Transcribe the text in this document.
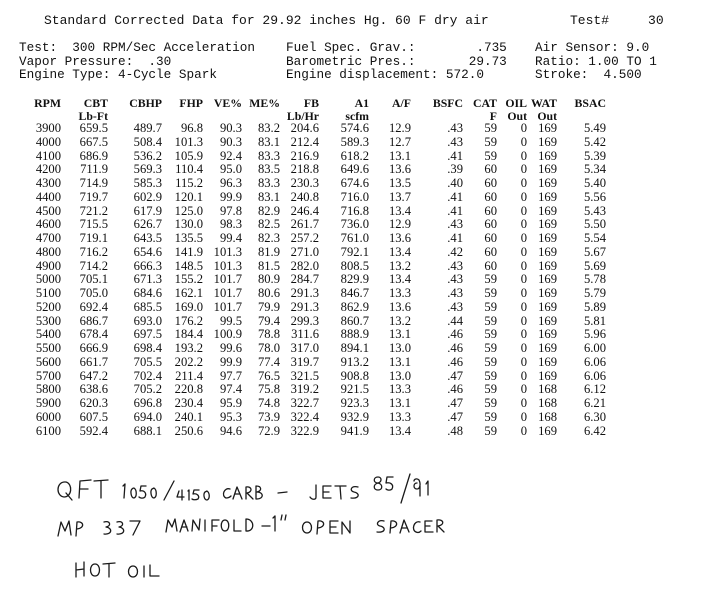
Standard Corrected Data for 29.92 inches Hg. 60 F dry air	Test#	30
Test:  300 RPM/Sec Acceleration	Fuel Spec. Grav.:        .735	Air Sensor: 9.0
Vapor Pressure:  .30	Barometric Pres.:       29.73	Ratio: 1.00 TO 1
Engine Type: 4-Cycle Spark	Engine displacement: 572.0	Stroke:  4.500
RPM	CBT	CBHP	FHP	VE%	ME%	FB	A1	A/F	BSFC	CAT	OIL	WAT	BSAC
	Lb-Ft					Lb/Hr	scfm			F	Out	Out	
3900	659.5	489.7	96.8	90.3	83.2	204.6	574.6	12.9	.43	59	0	169	5.49
4000	667.5	508.4	101.3	90.3	83.1	212.4	589.3	12.7	.43	59	0	169	5.42
4100	686.9	536.2	105.9	92.4	83.3	216.9	618.2	13.1	.41	59	0	169	5.39
4200	711.9	569.3	110.4	95.0	83.5	218.8	649.6	13.6	.39	60	0	169	5.34
4300	714.9	585.3	115.2	96.3	83.3	230.3	674.6	13.5	.40	60	0	169	5.40
4400	719.7	602.9	120.1	99.9	83.1	240.8	716.0	13.7	.41	60	0	169	5.56
4500	721.2	617.9	125.0	97.8	82.9	246.4	716.8	13.4	.41	60	0	169	5.43
4600	715.5	626.7	130.0	98.3	82.5	261.7	736.0	12.9	.43	60	0	169	5.50
4700	719.1	643.5	135.5	99.4	82.3	257.2	761.0	13.6	.41	60	0	169	5.54
4800	716.2	654.6	141.9	101.3	81.9	271.0	792.1	13.4	.42	60	0	169	5.67
4900	714.2	666.3	148.5	101.3	81.5	282.0	808.5	13.2	.43	60	0	169	5.69
5000	705.1	671.3	155.2	101.7	80.9	284.7	829.9	13.4	.43	59	0	169	5.78
5100	705.0	684.6	162.1	101.7	80.6	291.3	846.7	13.3	.43	59	0	169	5.79
5200	692.4	685.5	169.0	101.7	79.9	291.3	862.9	13.6	.43	59	0	169	5.89
5300	686.7	693.0	176.2	99.5	79.4	299.3	860.7	13.2	.44	59	0	169	5.81
5400	678.4	697.5	184.4	100.9	78.8	311.6	888.9	13.1	.46	59	0	169	5.96
5500	666.9	698.4	193.2	99.6	78.0	317.0	894.1	13.0	.46	59	0	169	6.00
5600	661.7	705.5	202.2	99.9	77.4	319.7	913.2	13.1	.46	59	0	169	6.06
5700	647.2	702.4	211.4	97.7	76.5	321.5	908.8	13.0	.47	59	0	169	6.06
5800	638.6	705.2	220.8	97.4	75.8	319.2	921.5	13.3	.46	59	0	168	6.12
5900	620.3	696.8	230.4	95.9	74.8	322.7	923.3	13.1	.47	59	0	168	6.21
6000	607.5	694.0	240.1	95.3	73.9	322.4	932.9	13.3	.47	59	0	168	6.30
6100	592.4	688.1	250.6	94.6	72.9	322.9	941.9	13.4	.48	59	0	169	6.42
